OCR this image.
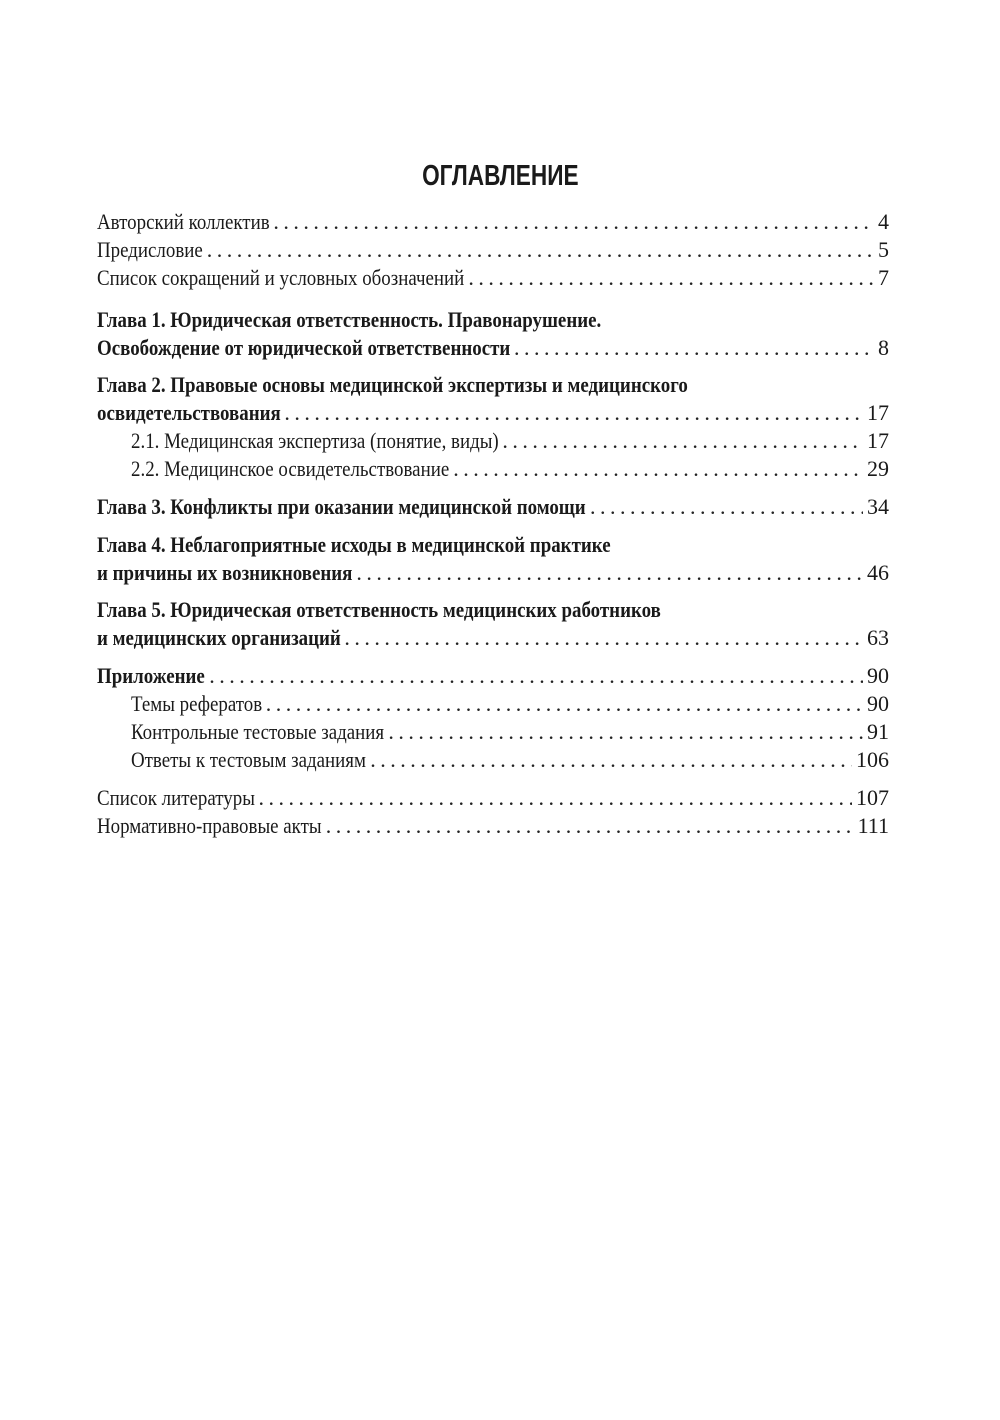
ОГЛАВЛЕНИЕ
Авторский коллектив . . .	4
Предисловие . . .	5
Список сокращений и условных обозначений . . .	7
Глава 1. Юридическая ответственность. Правонарушение.
Освобождение от юридической ответственности . . .	8
Глава 2. Правовые основы медицинской экспертизы и медицинского
освидетельствования . . .	17
2.1. Медицинская экспертиза (понятие, виды) . . .	17
2.2. Медицинское освидетельствование . . .	29
Глава 3. Конфликты при оказании медицинской помощи . . .	34
Глава 4. Неблагоприятные исходы в медицинской практике
и причины их возникновения . . .	46
Глава 5. Юридическая ответственность медицинских работников
и медицинских организаций . . .	63
Приложение . . .	90
Темы рефератов . . .	90
Контрольные тестовые задания . . .	91
Ответы к тестовым заданиям . . .	106
Список литературы . . .	107
Нормативно-правовые акты . . .	111
